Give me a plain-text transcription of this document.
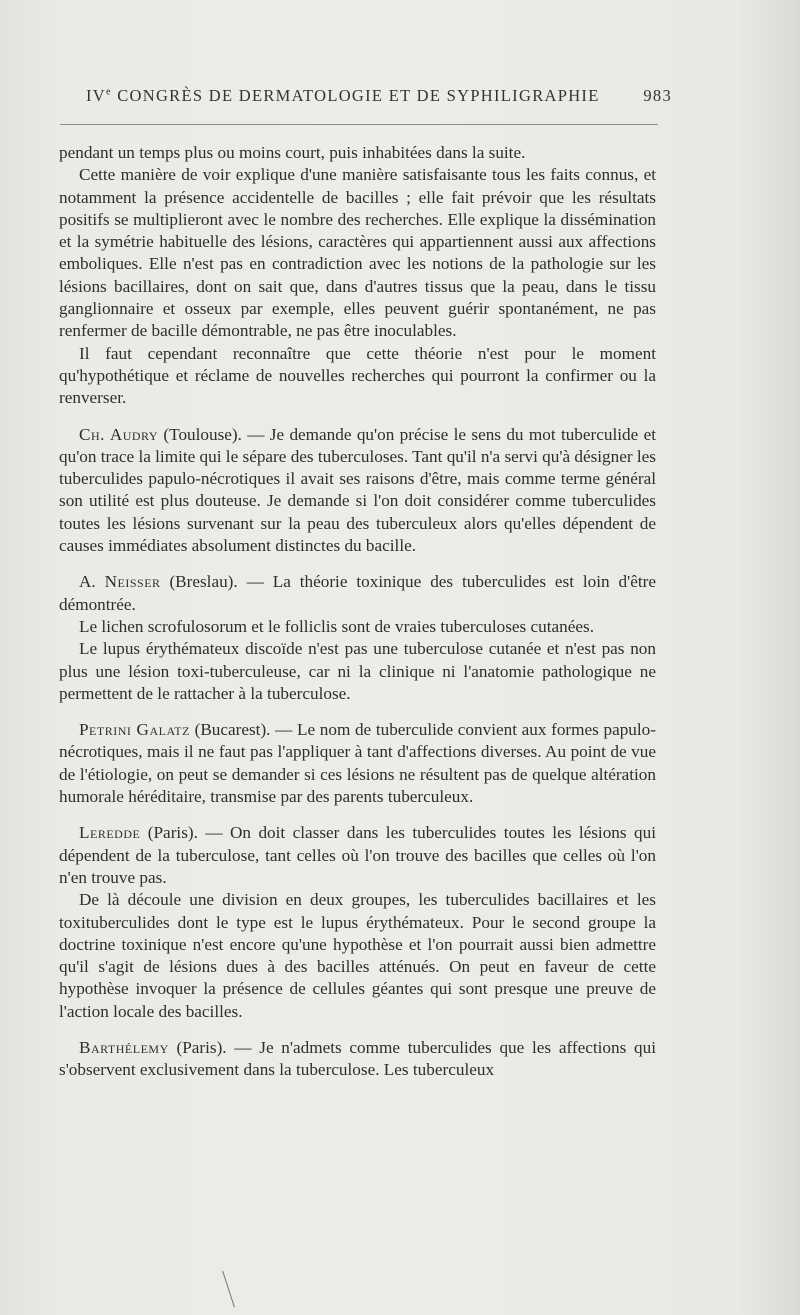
IVe CONGRÈS DE DERMATOLOGIE ET DE SYPHILIGRAPHIE	983

pendant un temps plus ou moins court, puis inhabitées dans la suite.

Cette manière de voir explique d'une manière satisfaisante tous les faits connus, et notamment la présence accidentelle de bacilles ; elle fait prévoir que les résultats positifs se multiplieront avec le nombre des recherches. Elle explique la dissémination et la symétrie habituelle des lésions, caractères qui appartiennent aussi aux affections emboliques. Elle n'est pas en contradiction avec les notions de la pathologie sur les lésions bacillaires, dont on sait que, dans d'autres tissus que la peau, dans le tissu ganglionnaire et osseux par exemple, elles peuvent guérir spontanément, ne pas renfermer de bacille démontrable, ne pas être inoculables.

Il faut cependant reconnaître que cette théorie n'est pour le moment qu'hypothétique et réclame de nouvelles recherches qui pourront la confirmer ou la renverser.

Ch. Audry (Toulouse). — Je demande qu'on précise le sens du mot tuberculide et qu'on trace la limite qui le sépare des tuberculoses. Tant qu'il n'a servi qu'à désigner les tuberculides papulo-nécrotiques il avait ses raisons d'être, mais comme terme général son utilité est plus douteuse. Je demande si l'on doit considérer comme tuberculides toutes les lésions survenant sur la peau des tuberculeux alors qu'elles dépendent de causes immédiates absolument distinctes du bacille.

A. Neisser (Breslau). — La théorie toxinique des tuberculides est loin d'être démontrée.

Le lichen scrofulosorum et le folliclis sont de vraies tuberculoses cutanées.

Le lupus érythémateux discoïde n'est pas une tuberculose cutanée et n'est pas non plus une lésion toxi-tuberculeuse, car ni la clinique ni l'anatomie pathologique ne permettent de le rattacher à la tuberculose.

Petrini Galatz (Bucarest). — Le nom de tuberculide convient aux formes papulo-nécrotiques, mais il ne faut pas l'appliquer à tant d'affections diverses. Au point de vue de l'étiologie, on peut se demander si ces lésions ne résultent pas de quelque altération humorale héréditaire, transmise par des parents tuberculeux.

Leredde (Paris). — On doit classer dans les tuberculides toutes les lésions qui dépendent de la tuberculose, tant celles où l'on trouve des bacilles que celles où l'on n'en trouve pas.

De là découle une division en deux groupes, les tuberculides bacillaires et les toxituberculides dont le type est le lupus érythémateux. Pour le second groupe la doctrine toxinique n'est encore qu'une hypothèse et l'on pourrait aussi bien admettre qu'il s'agit de lésions dues à des bacilles atténués. On peut en faveur de cette hypothèse invoquer la présence de cellules géantes qui sont presque une preuve de l'action locale des bacilles.

Barthélemy (Paris). — Je n'admets comme tuberculides que les affections qui s'observent exclusivement dans la tuberculose. Les tuberculeux
